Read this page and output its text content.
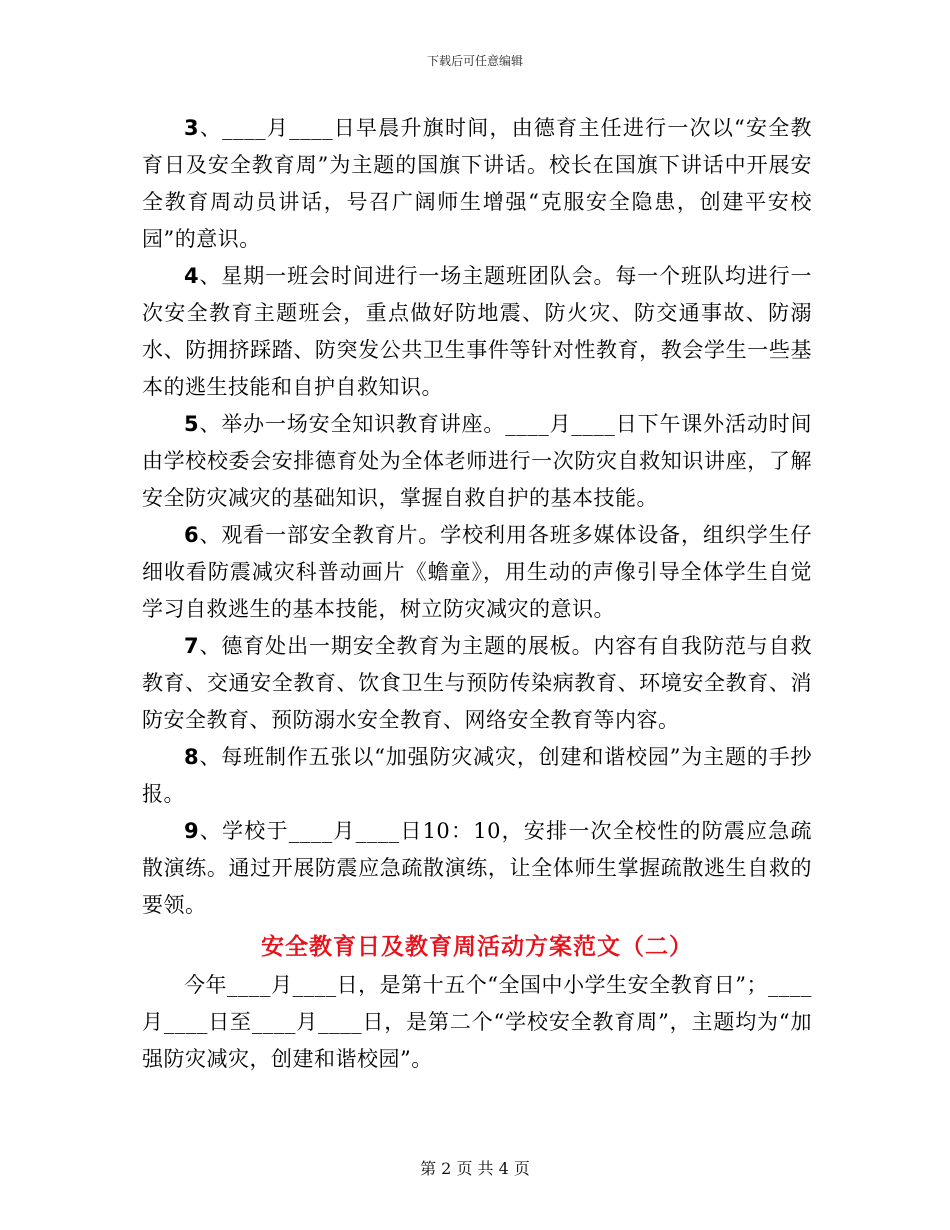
下载后可任意编辑

3、____月____日早晨升旗时间，由德育主任进行一次以“安全教育日及安全教育周”为主题的国旗下讲话。校长在国旗下讲话中开展安全教育周动员讲话，号召广阔师生增强“克服安全隐患，创建平安校园”的意识。

4、星期一班会时间进行一场主题班团队会。每一个班队均进行一次安全教育主题班会，重点做好防地震、防火灾、防交通事故、防溺水、防拥挤踩踏、防突发公共卫生事件等针对性教育，教会学生一些基本的逃生技能和自护自救知识。

5、举办一场安全知识教育讲座。____月____日下午课外活动时间由学校校委会安排德育处为全体老师进行一次防灾自救知识讲座，了解安全防灾减灾的基础知识，掌握自救自护的基本技能。

6、观看一部安全教育片。学校利用各班多媒体设备，组织学生仔细收看防震减灾科普动画片《蟾童》，用生动的声像引导全体学生自觉学习自救逃生的基本技能，树立防灾减灾的意识。

7、德育处出一期安全教育为主题的展板。内容有自我防范与自救教育、交通安全教育、饮食卫生与预防传染病教育、环境安全教育、消防安全教育、预防溺水安全教育、网络安全教育等内容。

8、每班制作五张以“加强防灾减灾，创建和谐校园”为主题的手抄报。

9、学校于____月____日10：10，安排一次全校性的防震应急疏散演练。通过开展防震应急疏散演练，让全体师生掌握疏散逃生自救的要领。

安全教育日及教育周活动方案范文（二）

今年____月____日，是第十五个“全国中小学生安全教育日”；____月____日至____月____日，是第二个“学校安全教育周”，主题均为“加强防灾减灾，创建和谐校园”。

第 2 页 共 4 页
